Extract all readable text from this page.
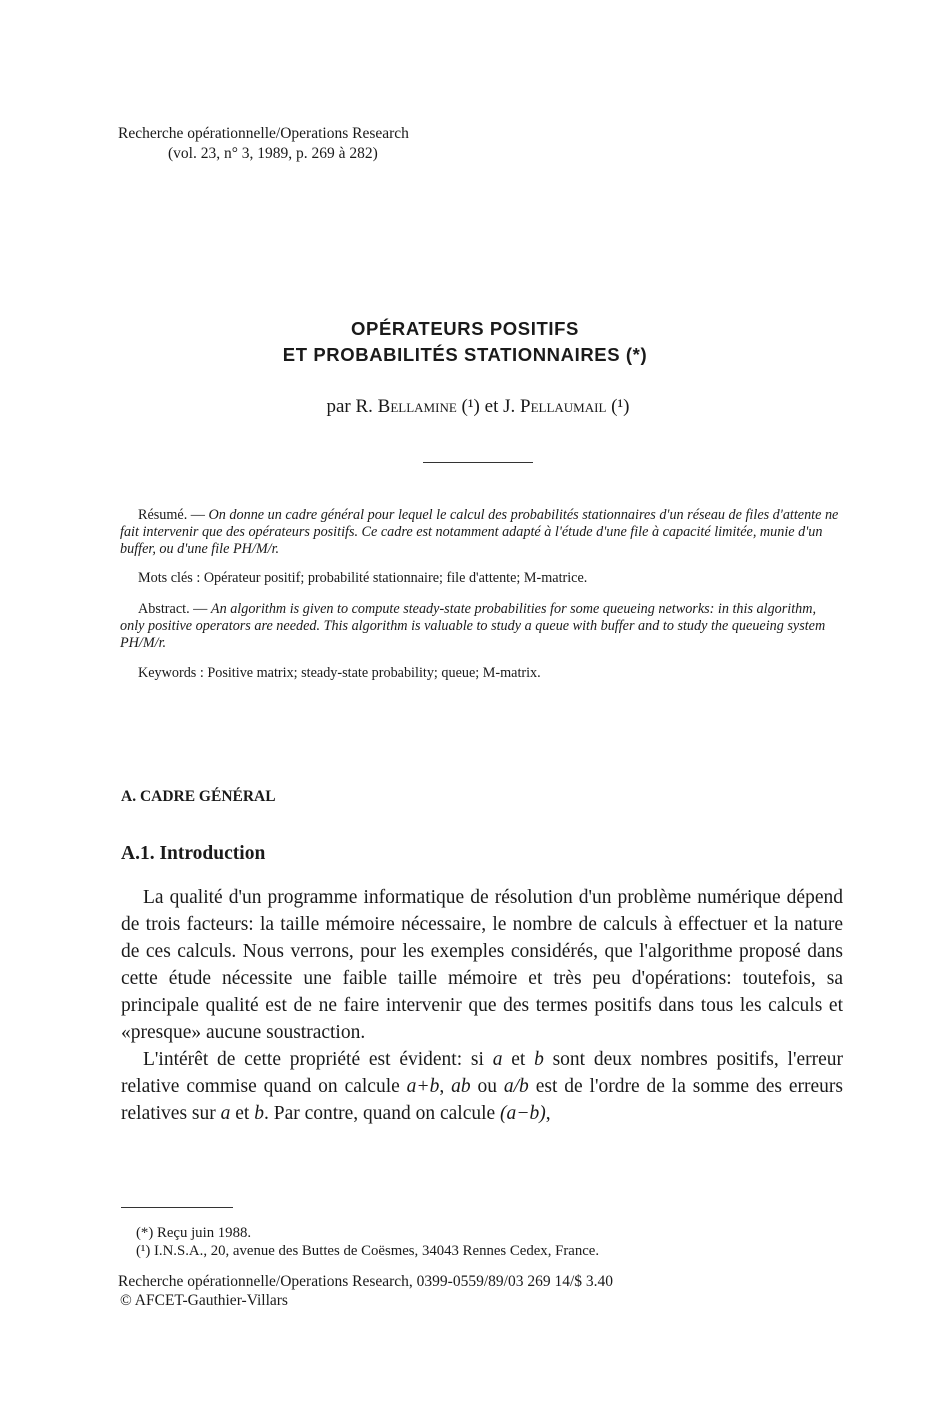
Recherche opérationnelle/Operations Research
(vol. 23, n° 3, 1989, p. 269 à 282)
OPÉRATEURS POSITIFS
ET PROBABILITÉS STATIONNAIRES (*)
par R. Bellamine (¹) et J. Pellaumail (¹)
Résumé. — On donne un cadre général pour lequel le calcul des probabilités stationnaires d'un réseau de files d'attente ne fait intervenir que des opérateurs positifs. Ce cadre est notamment adapté à l'étude d'une file à capacité limitée, munie d'un buffer, ou d'une file PH/M/r.
Mots clés : Opérateur positif; probabilité stationnaire; file d'attente; M-matrice.
Abstract. — An algorithm is given to compute steady-state probabilities for some queueing networks: in this algorithm, only positive operators are needed. This algorithm is valuable to study a queue with buffer and to study the queueing system PH/M/r.
Keywords : Positive matrix; steady-state probability; queue; M-matrix.
A. CADRE GÉNÉRAL
A.1. Introduction

La qualité d'un programme informatique de résolution d'un problème numérique dépend de trois facteurs: la taille mémoire nécessaire, le nombre de calculs à effectuer et la nature de ces calculs. Nous verrons, pour les exemples considérés, que l'algorithme proposé dans cette étude nécessite une faible taille mémoire et très peu d'opérations: toutefois, sa principale qualité est de ne faire intervenir que des termes positifs dans tous les calculs et «presque» aucune soustraction.

L'intérêt de cette propriété est évident: si a et b sont deux nombres positifs, l'erreur relative commise quand on calcule a+b, ab ou a/b est de l'ordre de la somme des erreurs relatives sur a et b. Par contre, quand on calcule (a−b),

(*) Reçu juin 1988.
(¹) I.N.S.A., 20, avenue des Buttes de Coësmes, 34043 Rennes Cedex, France.
Recherche opérationnelle/Operations Research, 0399-0559/89/03 269 14/$ 3.40
© AFCET-Gauthier-Villars
